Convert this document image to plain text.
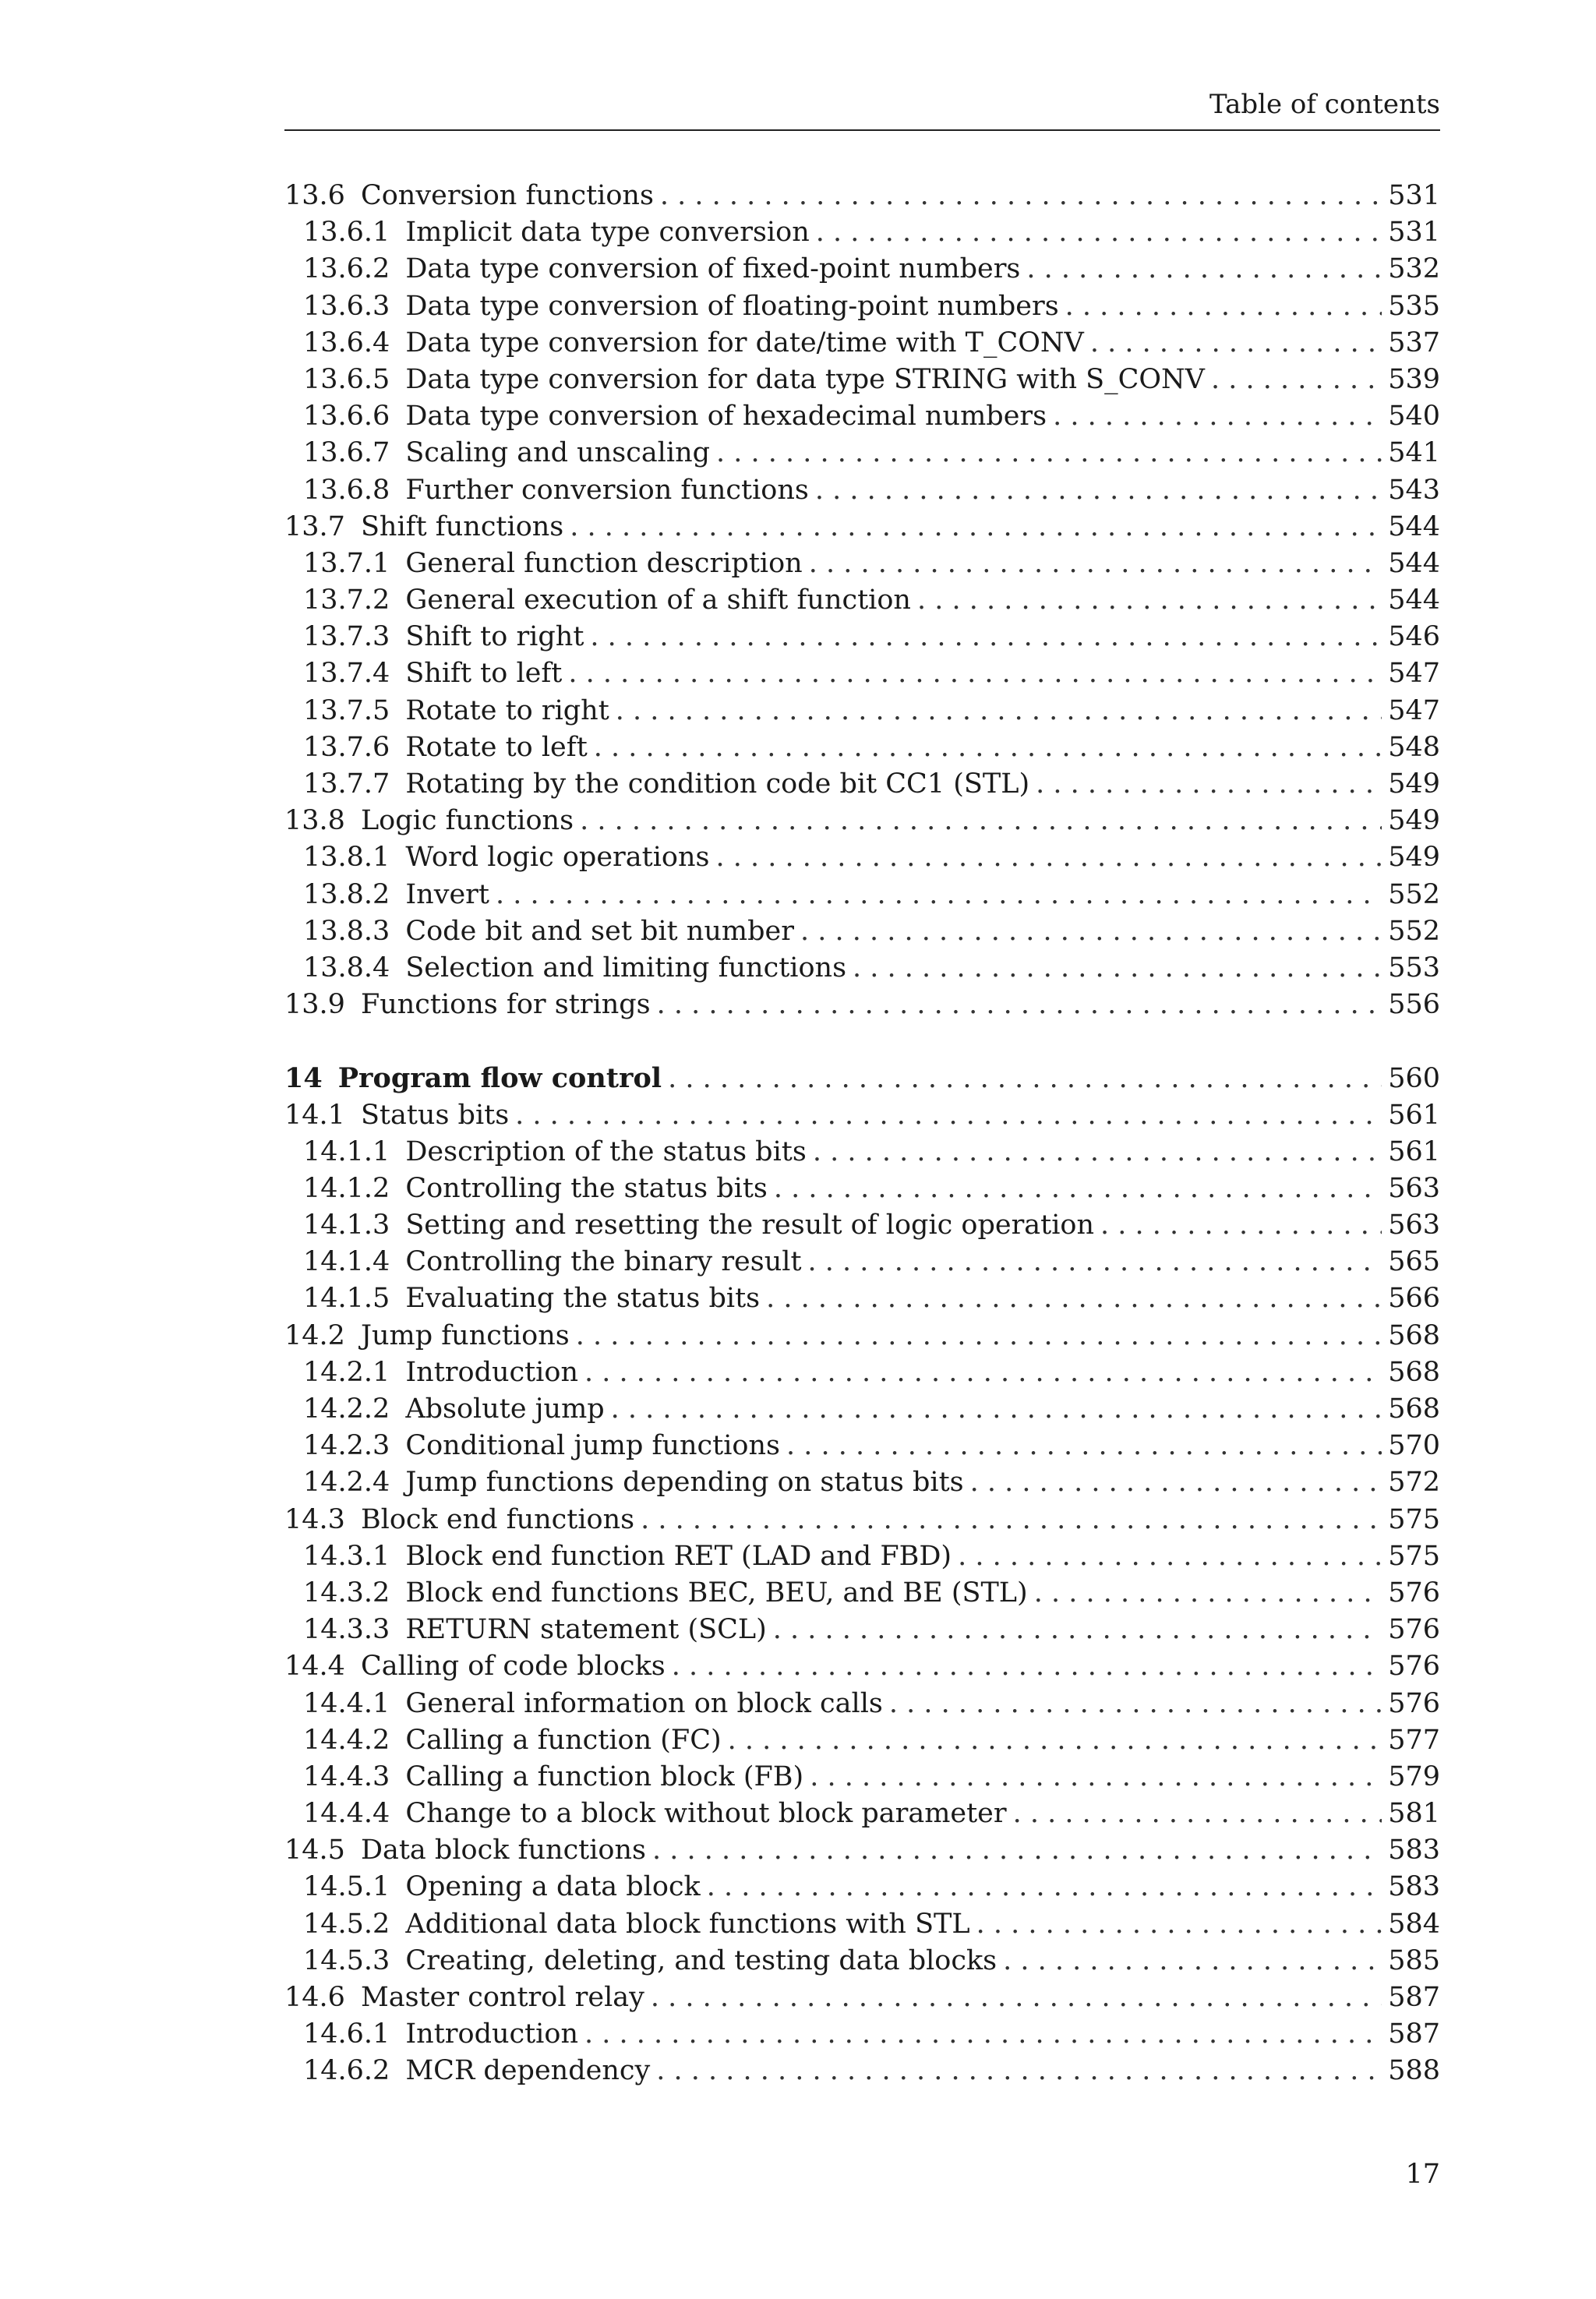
Table of contents
13.6 Conversion functions . . .	531
13.6.1 Implicit data type conversion . . .	531
13.6.2 Data type conversion of fixed-point numbers . . .	532
13.6.3 Data type conversion of floating-point numbers . . .	535
13.6.4 Data type conversion for date/time with T_CONV . . .	537
13.6.5 Data type conversion for data type STRING with S_CONV . . .	539
13.6.6 Data type conversion of hexadecimal numbers . . .	540
13.6.7 Scaling and unscaling . . .	541
13.6.8 Further conversion functions . . .	543
13.7 Shift functions . . .	544
13.7.1 General function description . . .	544
13.7.2 General execution of a shift function . . .	544
13.7.3 Shift to right . . .	546
13.7.4 Shift to left . . .	547
13.7.5 Rotate to right . . .	547
13.7.6 Rotate to left . . .	548
13.7.7 Rotating by the condition code bit CC1 (STL) . . .	549
13.8 Logic functions . . .	549
13.8.1 Word logic operations . . .	549
13.8.2 Invert . . .	552
13.8.3 Code bit and set bit number . . .	552
13.8.4 Selection and limiting functions . . .	553
13.9 Functions for strings . . .	556
14 Program flow control . . .	560
14.1 Status bits . . .	561
14.1.1 Description of the status bits . . .	561
14.1.2 Controlling the status bits . . .	563
14.1.3 Setting and resetting the result of logic operation . . .	563
14.1.4 Controlling the binary result . . .	565
14.1.5 Evaluating the status bits . . .	566
14.2 Jump functions . . .	568
14.2.1 Introduction . . .	568
14.2.2 Absolute jump . . .	568
14.2.3 Conditional jump functions . . .	570
14.2.4 Jump functions depending on status bits . . .	572
14.3 Block end functions . . .	575
14.3.1 Block end function RET (LAD and FBD) . . .	575
14.3.2 Block end functions BEC, BEU, and BE (STL) . . .	576
14.3.3 RETURN statement (SCL) . . .	576
14.4 Calling of code blocks . . .	576
14.4.1 General information on block calls . . .	576
14.4.2 Calling a function (FC) . . .	577
14.4.3 Calling a function block (FB) . . .	579
14.4.4 Change to a block without block parameter . . .	581
14.5 Data block functions . . .	583
14.5.1 Opening a data block . . .	583
14.5.2 Additional data block functions with STL . . .	584
14.5.3 Creating, deleting, and testing data blocks . . .	585
14.6 Master control relay . . .	587
14.6.1 Introduction . . .	587
14.6.2 MCR dependency . . .	588
17
